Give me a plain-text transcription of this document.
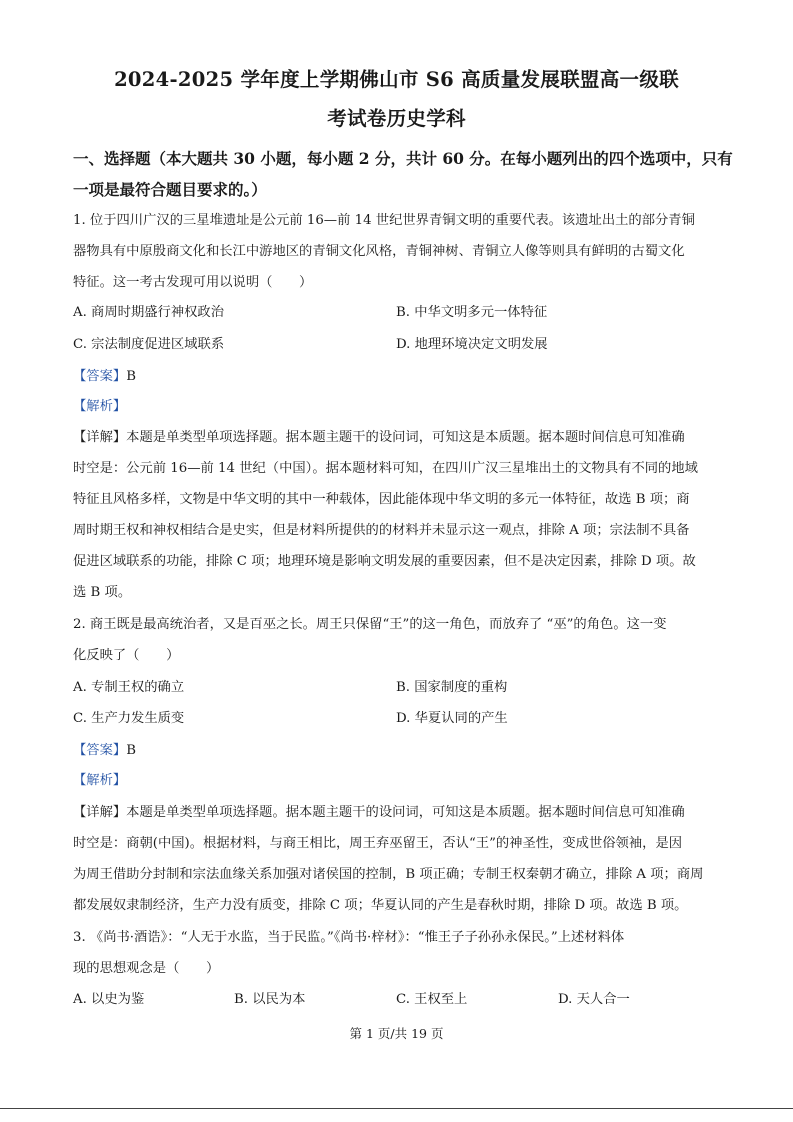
2024-2025 学年度上学期佛山市 S6 高质量发展联盟高一级联
考试卷历史学科
一、选择题（本大题共 30 小题，每小题 2 分，共计 60 分。在每小题列出的四个选项中，只有
一项是最符合题目要求的。）
1. 位于四川广汉的三星堆遗址是公元前 16—前 14 世纪世界青铜文明的重要代表。该遗址出土的部分青铜
器物具有中原殷商文化和长江中游地区的青铜文化风格，青铜神树、青铜立人像等则具有鲜明的古蜀文化
特征。这一考古发现可用以说明（　　）
A. 商周时期盛行神权政治	B. 中华文明多元一体特征
C. 宗法制度促进区域联系	D. 地理环境决定文明发展
【答案】B
【解析】
【详解】本题是单类型单项选择题。据本题主题干的设问词，可知这是本质题。据本题时间信息可知准确
时空是：公元前 16—前 14 世纪（中国）。据本题材料可知，在四川广汉三星堆出土的文物具有不同的地域
特征且风格多样，文物是中华文明的其中一种载体，因此能体现中华文明的多元一体特征，故选 B 项；商
周时期王权和神权相结合是史实，但是材料所提供的的材料并未显示这一观点，排除 A 项；宗法制不具备
促进区域联系的功能，排除 C 项；地理环境是影响文明发展的重要因素，但不是决定因素，排除 D 项。故
选 B 项。
2. 商王既是最高统治者，又是百巫之长。周王只保留“王”的这一角色，而放弃了 “巫”的角色。这一变
化反映了（　　）
A. 专制王权的确立	B. 国家制度的重构
C. 生产力发生质变	D. 华夏认同的产生
【答案】B
【解析】
【详解】本题是单类型单项选择题。据本题主题干的设问词，可知这是本质题。据本题时间信息可知准确
时空是：商朝(中国)。根据材料，与商王相比，周王弃巫留王，否认“王”的神圣性，变成世俗领袖，是因
为周王借助分封制和宗法血缘关系加强对诸侯国的控制，B 项正确；专制王权秦朝才确立，排除 A 项；商周
都发展奴隶制经济，生产力没有质变，排除 C 项；华夏认同的产生是春秋时期，排除 D 项。故选 B 项。
3. 《尚书·酒诰》：“人无于水监，当于民监。”《尚书·梓材》：“惟王子子孙孙永保民。”上述材料体
现的思想观念是（　　）
A. 以史为鉴	B. 以民为本	C. 王权至上	D. 天人合一
第 1 页/共 19 页
